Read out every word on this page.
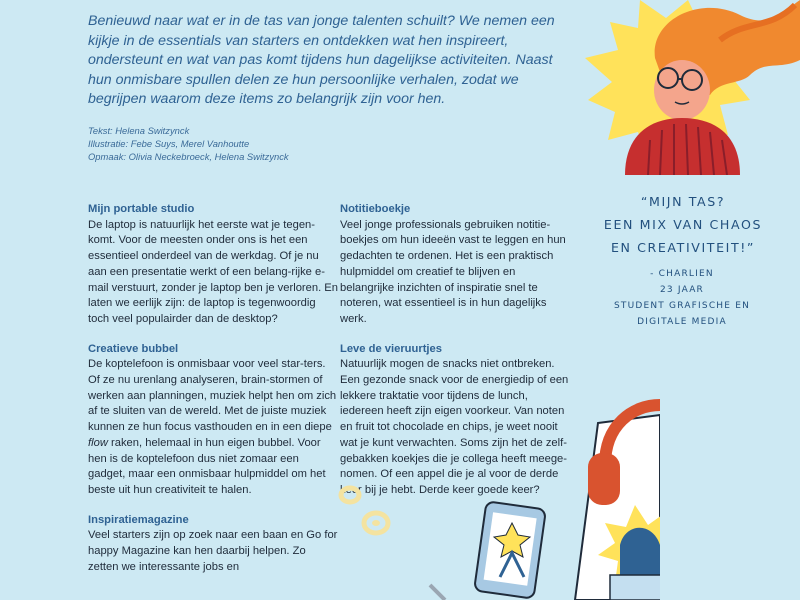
Benieuwd naar wat er in de tas van jonge talenten schuilt? We nemen een kijkje in de essentials van starters en ontdekken wat hen inspireert, ondersteunt en wat van pas komt tijdens hun dagelijkse activiteiten. Naast hun onmisbare spullen delen ze hun persoonlijke verhalen, zodat we begrijpen waarom deze items zo belangrijk zijn voor hen.

Tekst: Helena Switzynck
Illustratie: Febe Suys, Merel Vanhoutte
Opmaak: Olivia Neckebroeck, Helena Switzynck
Mijn portable studio

De laptop is natuurlijk het eerste wat je tegen-komt. Voor de meesten onder ons is het een essentieel onderdeel van de werkdag. Of je nu aan een presentatie werkt of een belang-rijke e-mail verstuurt, zonder je laptop ben je verloren. En laten we eerlijk zijn: de laptop is tegenwoordig toch veel populairder dan de desktop?

Creatieve bubbel

De koptelefoon is onmisbaar voor veel star-ters. Of ze nu urenlang analyseren, brain-stormen of werken aan planningen, muziek helpt hen om zich af te sluiten van de wereld. Met de juiste muziek kunnen ze hun focus vasthouden en in een diepe flow raken, helemaal in hun eigen bubbel. Voor hen is de koptelefoon dus niet zomaar een gadget, maar een onmisbaar hulpmiddel om het beste uit hun creativiteit te halen.

Inspiratiemagazine

Veel starters zijn op zoek naar een baan en Go for happy Magazine kan hen daarbij helpen. Zo zetten we interessante jobs en

Notitieboekje

Veel jonge professionals gebruiken notitie-boekjes om hun ideeën vast te leggen en hun gedachten te ordenen. Het is een praktisch hulpmiddel om creatief te blijven en belangrijke inzichten of inspiratie snel te noteren, wat essentieel is in hun dagelijks werk.

Leve de vieruurtjes

Natuurlijk mogen de snacks niet ontbreken. Een gezonde snack voor de energiedip of een lekkere traktatie voor tijdens de lunch, iedereen heeft zijn eigen voorkeur. Van noten en fruit tot chocolade en chips, je weet nooit wat je kunt verwachten. Soms zijn het de zelf-gebakken koekjes die je collega heeft meege-nomen. Of een appel die je al voor de derde keer bij je hebt. Derde keer goede keer?

“MIJN TAS?
EEN MIX VAN CHAOS
EN CREATIVITEIT!”
- CHARLIEN
23 JAAR
STUDENT GRAFISCHE EN
DIGITALE MEDIA
